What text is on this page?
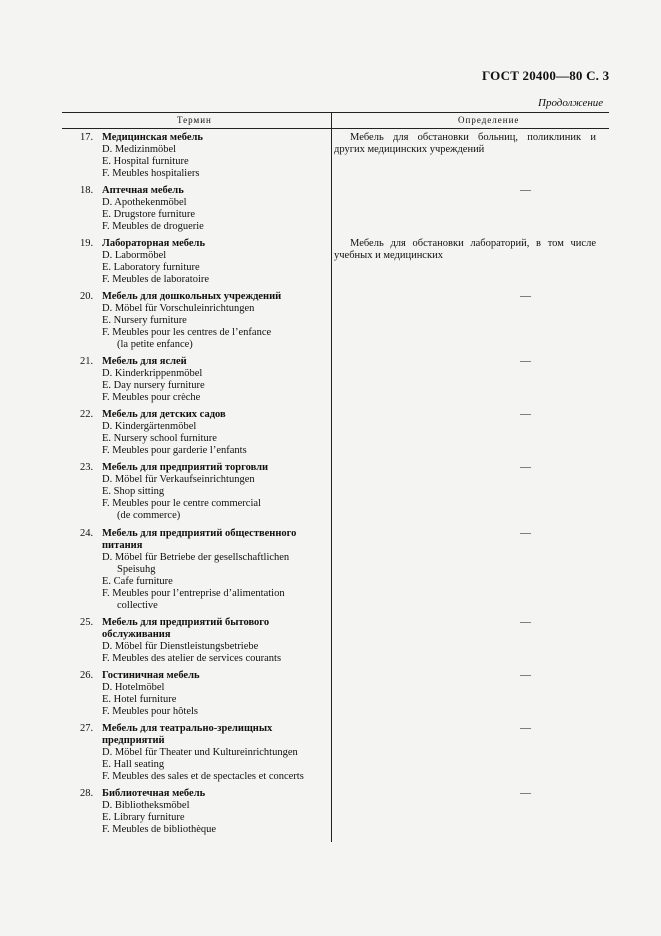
ГОСТ 20400—80 С. 3
Продолжение
Термин	Определение
17. Медицинская мебель
D. Medizinmöbel
E. Hospital furniture
F. Meubles hospitaliers
Мебель для обстановки больниц, поликлиник и других медицинских учреждений
18. Аптечная мебель
D. Apothekenmöbel
E. Drugstore furniture
F. Meubles de droguerie
—
19. Лабораторная мебель
D. Labormöbel
E. Laboratory furniture
F. Meubles de laboratoire
Мебель для обстановки лабораторий, в том числе учебных и медицинских
20. Мебель для дошкольных учреждений
D. Möbel für Vorschuleinrichtungen
E. Nursery furniture
F. Meubles pour les centres de l’enfance
(la petite enfance)
—
21. Мебель для яслей
D. Kinderkrippenmöbel
E. Day nursery furniture
F. Meubles pour crèche
—
22. Мебель для детских садов
D. Kindergärtenmöbel
E. Nursery school furniture
F. Meubles pour garderie l’enfants
—
23. Мебель для предприятий торговли
D. Möbel für Verkaufseinrichtungen
E. Shop sitting
F. Meubles pour le centre commercial
(de commerce)
—
24. Мебель для предприятий общественного питания
D. Möbel für Betriebe der gesellschaftlichen
Speisuhg
E. Cafe furniture
F. Meubles pour l’entreprise d’alimentation
collective
—
25. Мебель для предприятий бытового обслуживания
D. Möbel für Dienstleistungsbetriebe
F. Meubles des atelier de services courants
—
26. Гостиничная мебель
D. Hotelmöbel
E. Hotel furniture
F. Meubles pour hôtels
—
27. Мебель для театрально-зрелищных предприятий
D. Möbel für Theater und Kultureinrichtungen
E. Hall seating
F. Meubles des sales et de spectacles et concerts
—
28. Библиотечная мебель
D. Bibliotheksmöbel
E. Library furniture
F. Meubles de bibliothèque
—
